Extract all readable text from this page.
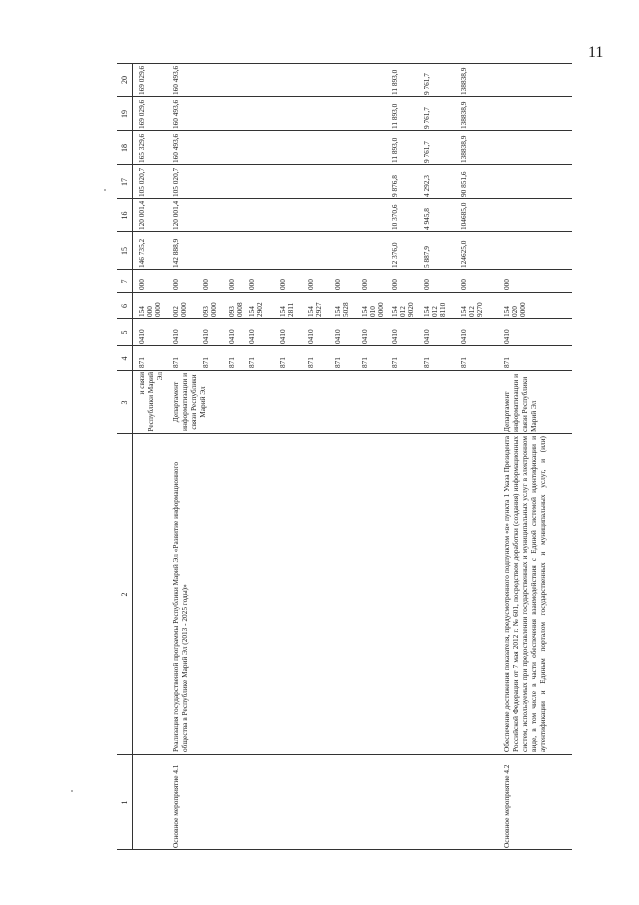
11
1
2
3
4
5
6
7
15
16
17
18
19
20
и связи Республики Марий Эл
Основное мероприятие 4.1
Реализация государственной программы Республики Марий Эл «Развитие информационного общества в Республике Марий Эл (2013 - 2025 годы)»
Департамент информатизации и связи Республики Марий Эл
Основное мероприятие 4.2
Обеспечение достижения показателя, предусмотренного подпунктом «в» пункта 1 Указа Президента Российской Федерации от 7 мая 2012 г. № 601, посредством доработки (создания) информационных систем, используемых при предоставлении государственных и муниципальных услуг в электронном виде, в том числе в части обеспечения взаимодействия с Единой системой идентификации и аутентификации и Единым порталом государственных и муниципальных услуг, и (или)
Департамент информатизации и связи Республики Марий Эл
871
0410
154 000 0000
000
146 735,2
120 001,4
105 020,7
165 329,6
169 029,6
169 029,6
871
0410
002 0000
000
142 888,9
120 001,4
105 020,7
160 493,6
160 493,6
160 493,6
871
0410
093 0000
000
871
0410
093 0008
000
871
0410
154 2902
000
871
0410
154 2811
000
871
0410
154 2927
000
871
0410
154 5028
000
871
0410
154 010 0000
000
871
0410
154 012 9020
000
12 376,0
10 370,6
9 876,8
11 893,0
11 893,0
11 893,0
871
0410
154 012 8110
000
5 887,9
4 945,8
4 292,3
9 761,7
9 761,7
9 761,7
871
0410
154 012 9270
000
124625,0
104685,0
90 851,6
138838,9
138838,9
138838,9
871
0410
154 020 0000
000
